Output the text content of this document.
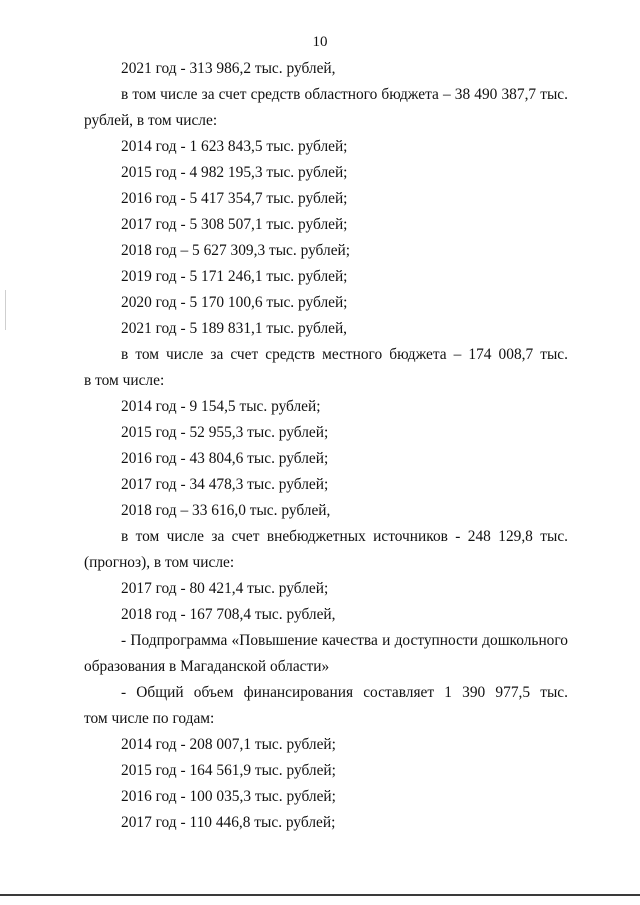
10
2021 год - 313 986,2 тыс. рублей,
в том числе за счет средств областного бюджета – 38 490 387,7 тыс.
рублей, в том числе:
2014 год - 1 623 843,5 тыс. рублей;
2015 год - 4 982 195,3 тыс. рублей;
2016 год - 5 417 354,7 тыс. рублей;
2017 год - 5 308 507,1 тыс. рублей;
2018 год – 5 627 309,3 тыс. рублей;
2019 год - 5 171 246,1 тыс. рублей;
2020 год - 5 170 100,6 тыс. рублей;
2021 год - 5 189 831,1 тыс. рублей,
в том числе за счет средств местного бюджета – 174 008,7 тыс.
в том числе:
2014 год - 9 154,5 тыс. рублей;
2015 год - 52 955,3 тыс. рублей;
2016 год - 43 804,6 тыс. рублей;
2017 год - 34 478,3 тыс. рублей;
2018 год – 33 616,0 тыс. рублей,
в том числе за счет внебюджетных источников - 248 129,8 тыс.
(прогноз), в том числе:
2017 год - 80 421,4 тыс. рублей;
2018 год - 167 708,4 тыс. рублей,
- Подпрограмма «Повышение качества и доступности дошкольного
образования в Магаданской области»
- Общий объем финансирования составляет 1 390 977,5 тыс.
том числе по годам:
2014 год - 208 007,1 тыс. рублей;
2015 год - 164 561,9 тыс. рублей;
2016 год - 100 035,3 тыс. рублей;
2017 год - 110 446,8 тыс. рублей;
